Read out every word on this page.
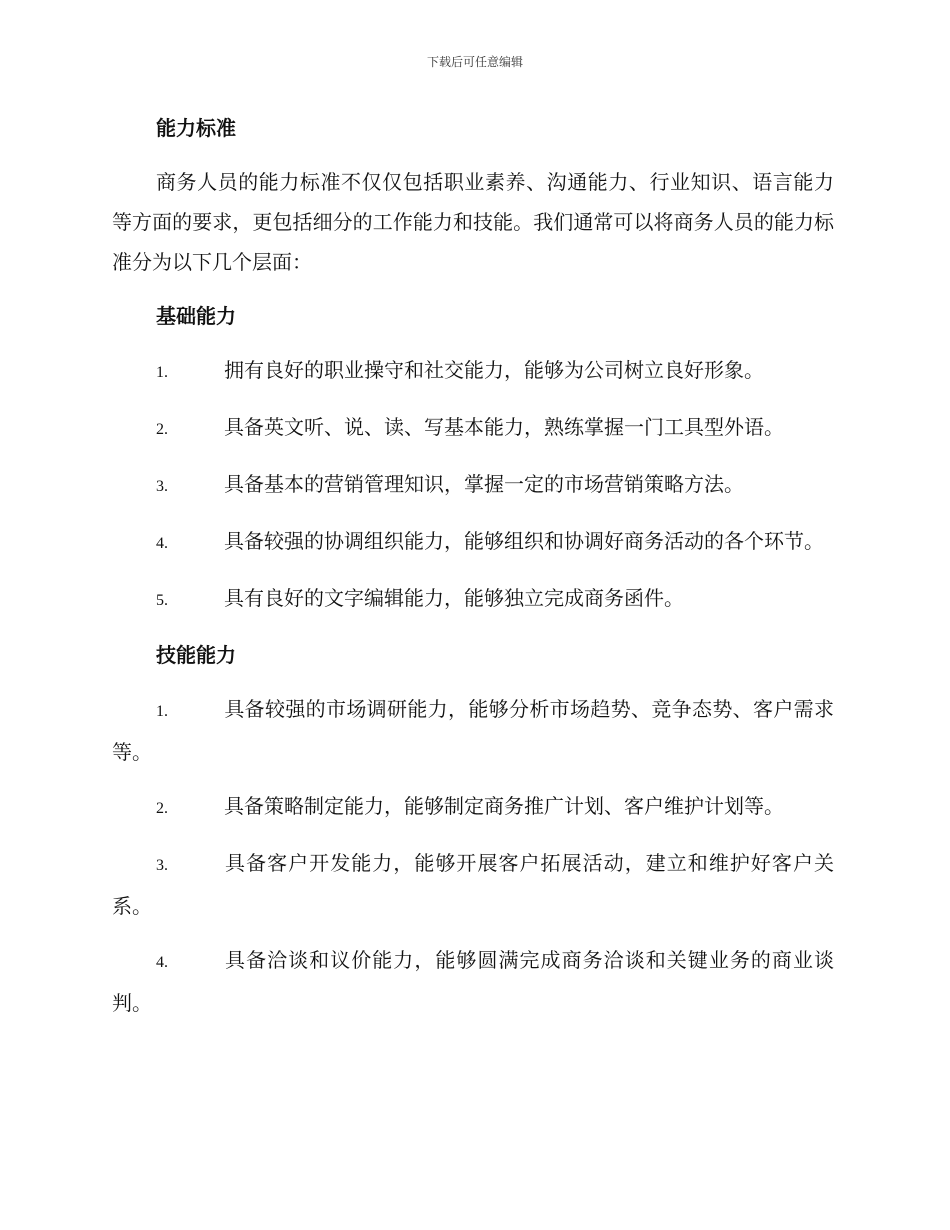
下载后可任意编辑
能力标准
商务人员的能力标准不仅仅包括职业素养、沟通能力、行业知识、语言能力等方面的要求，更包括细分的工作能力和技能。我们通常可以将商务人员的能力标准分为以下几个层面：
基础能力
1.	拥有良好的职业操守和社交能力，能够为公司树立良好形象。
2.	具备英文听、说、读、写基本能力，熟练掌握一门工具型外语。
3.	具备基本的营销管理知识，掌握一定的市场营销策略方法。
4.	具备较强的协调组织能力，能够组织和协调好商务活动的各个环节。
5.	具有良好的文字编辑能力，能够独立完成商务函件。
技能能力
1.	具备较强的市场调研能力，能够分析市场趋势、竞争态势、客户需求等。
2.	具备策略制定能力，能够制定商务推广计划、客户维护计划等。
3.	具备客户开发能力，能够开展客户拓展活动，建立和维护好客户关系。
4.	具备洽谈和议价能力，能够圆满完成商务洽谈和关键业务的商业谈判。
